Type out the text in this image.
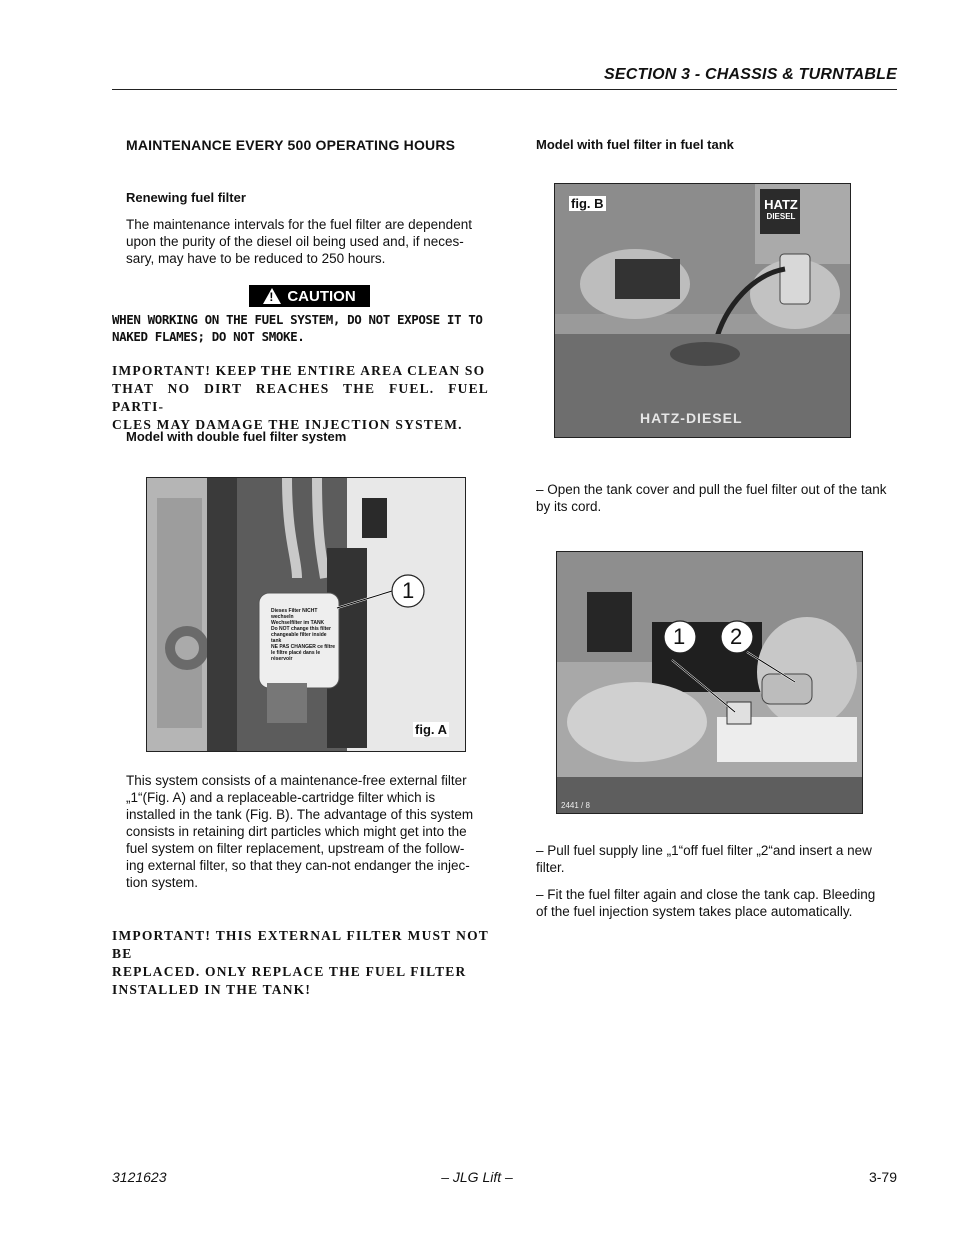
SECTION 3 - CHASSIS & TURNTABLE
MAINTENANCE EVERY 500 OPERATING HOURS
Renewing fuel filter
The maintenance intervals for the fuel filter are dependent
upon the purity of the diesel oil being used and, if neces-
sary, may have to be reduced to 250 hours.
!
CAUTION
WHEN WORKING ON THE FUEL SYSTEM, DO NOT EXPOSE IT TO
NAKED FLAMES; DO NOT SMOKE.
IMPORTANT! KEEP THE ENTIRE AREA CLEAN SO
THAT NO DIRT REACHES THE FUEL. FUEL PARTI-
CLES MAY DAMAGE THE INJECTION SYSTEM.
Model with double fuel filter system
Dieses Filter NICHT wechseln
Wechselfilter im TANK
Do NOT change this filter
changeable filter inside tank
NE PAS CHANGER ce filtre
le filtre placé dans le réservoir
1
fig. A
This system consists of a maintenance-free external filter
„1“(Fig. A) and a replaceable-cartridge filter which is
installed in the tank (Fig. B). The advantage of this system
consists in retaining dirt particles which might get into the
fuel system on filter replacement, upstream of the follow-
ing external filter, so that they can-not endanger the injec-
tion system.
IMPORTANT! THIS EXTERNAL FILTER MUST NOT BE
REPLACED. ONLY REPLACE THE FUEL FILTER
INSTALLED IN THE TANK!
Model with fuel filter in fuel tank
HATZ
DIESEL
HATZ-DIESEL
fig. B
– Open the tank cover and pull the fuel filter out of the tank
by its cord.
1 2
2441 / 8
– Pull fuel supply line „1“off fuel filter „2“and insert a new
filter.
– Fit the fuel filter again and close the tank cap. Bleeding
of the fuel injection system takes place automatically.
3121623	– JLG Lift –	3-79
